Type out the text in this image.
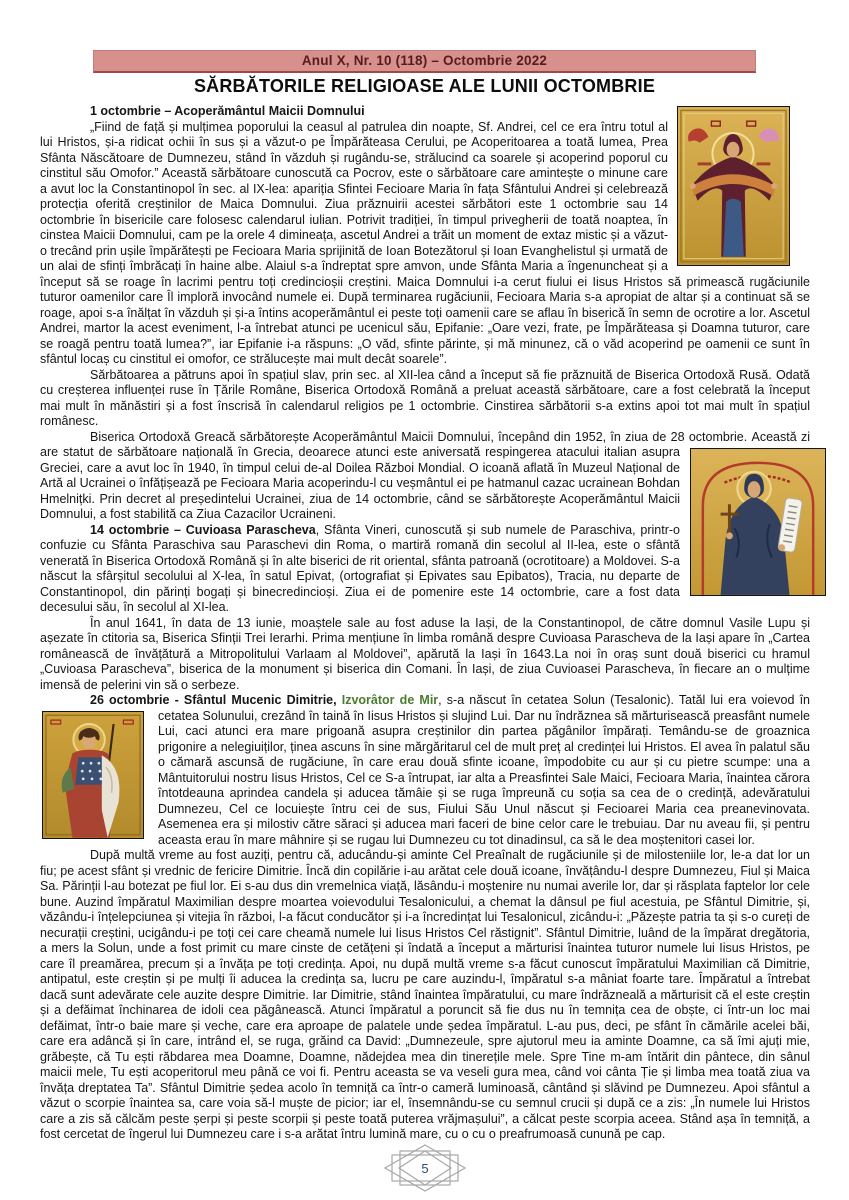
Anul X, Nr. 10 (118) – Octombrie 2022
SĂRBĂTORILE RELIGIOASE ALE LUNII OCTOMBRIE
1 octombrie – Acoperământul Maicii Domnului

„Fiind de față și mulțimea poporului la ceasul al patrulea din noapte, Sf. Andrei, cel ce era întru totul al lui Hristos, și-a ridicat ochii în sus și a văzut-o pe Împărăteasa Cerului, pe Acoperitoarea a toată lumea, Prea Sfânta Născătoare de Dumnezeu, stând în văzduh și rugându-se, strălucind ca soarele și acoperind poporul cu cinstitul său Omofor.” Această sărbătoare cunoscută ca Pocrov, este o sărbătoare care amintește o minune care a avut loc la Constantinopol în sec. al IX-lea: apariția Sfintei Fecioare Maria în fața Sfântului Andrei și celebrează protecția oferită creștinilor de Maica Domnului. Ziua prăznuirii acestei sărbători este 1 octombrie sau 14 octombrie în bisericile care folosesc calendarul iulian. Potrivit tradiției, în timpul privegherii de toată noaptea, în cinstea Maicii Domnului, cam pe la orele 4 dimineața, ascetul Andrei a trăit un moment de extaz mistic și a văzut-o trecând prin ușile împărătești pe Fecioara Maria sprijinită de Ioan Botezătorul și Ioan Evanghelistul și urmată de un alai de sfinți îmbrăcați în haine albe. Alaiul s-a îndreptat spre amvon, unde Sfânta Maria a îngenuncheat și a început să se roage în lacrimi pentru toți credincioșii creștini. Maica Domnului i-a cerut fiului ei Iisus Hristos să primească rugăciunile tuturor oamenilor care Îl imploră invocând numele ei. După terminarea rugăciunii, Fecioara Maria s-a apropiat de altar și a continuat să se roage, apoi s-a înălțat în văzduh și și-a întins acoperământul ei peste toți oamenii care se aflau în biserică în semn de ocrotire a lor. Ascetul Andrei, martor la acest eveniment, l-a întrebat atunci pe ucenicul său, Epifanie: „Oare vezi, frate, pe Împărăteasa și Doamna tuturor, care se roagă pentru toată lumea?”, iar Epifanie i-a răspuns: „O văd, sfinte părinte, și mă minunez, că o văd acoperind pe oamenii ce sunt în sfântul locaș cu cinstitul ei omofor, ce strălucește mai mult decât soarele”.

Sărbătoarea a pătruns apoi în spațiul slav, prin sec. al XII-lea când a început să fie prăznuită de Biserica Ortodoxă Rusă. Odată cu creșterea influenței ruse în Țările Române, Biserica Ortodoxă Română a preluat această sărbătoare, care a fost celebrată la început mai mult în mănăstiri și a fost înscrisă în calendarul religios pe 1 octombrie. Cinstirea sărbătorii s-a extins apoi tot mai mult în spațiul românesc.

Biserica Ortodoxă Greacă sărbătorește Acoperământul Maicii Domnului, începând din 1952, în ziua de 28 octombrie.
Această zi are statut de sărbătoare națională în Grecia, deoarece atunci este aniversată respingerea atacului italian asupra Greciei, care a avut loc în 1940, în timpul celui de-al Doilea Război Mondial. O icoană aflată în Muzeul Național de Artă al Ucrainei o înfățișează pe Fecioara Maria acoperindu-l cu veșmântul ei pe hatmanul cazac ucrainean Bohdan Hmelnițki. Prin decret al președintelui Ucrainei, ziua de 14 octombrie, când se sărbătorește Acoperământul Maicii Domnului, a fost stabilită ca Ziua Cazacilor Ucraineni.

14 octombrie – Cuvioasa Parascheva, Sfânta Vineri, cunoscută și sub numele de Paraschiva, printr-o confuzie cu Sfânta Paraschiva sau Paraschevi din Roma, o martiră romană din secolul al II-lea, este o sfântă venerată în Biserica Ortodoxă Română și în alte biserici de rit oriental, sfânta patroană (ocrotitoare) a Moldovei. S-a născut la sfârșitul secolului al X-lea, în satul Epivat, (ortografiat și Epivates sau Epibatos), Tracia, nu departe de Constantinopol, din părinți bogați și binecredincioși. Ziua ei de pomenire este 14 octombrie, care a fost data decesului său, în secolul al XI-lea.

În anul 1641, în data de 13 iunie, moaștele sale au fost aduse la Iași, de la Constantinopol, de către domnul Vasile Lupu și așezate în ctitoria sa, Biserica Sfinții Trei Ierarhi. Prima mențiune în limba română despre Cuvioasa Parascheva de la Iași apare în „Cartea românească de învățătură a Mitropolitului Varlaam al Moldovei”, apărută la Iași în 1643.La noi în oraș sunt două biserici cu hramul „Cuvioasa Parascheva”, biserica de la monument și biserica din Comani. În Iași, de ziua Cuvioasei Parascheva, în fiecare an o mulțime imensă de pelerini vin să o serbeze.

26 octombrie - Sfântul Mucenic Dimitrie, Izvorâtor de Mir, s-a născut în cetatea Solun (Tesalonic). Tatăl lui era voievod
în cetatea Solunului, crezând în taină în Iisus Hristos și slujind Lui. Dar nu îndrăznea să mărturisească preasfânt numele Lui, caci atunci era mare prigoană asupra creștinilor din partea păgânilor împărați. Temându-se de groaznica prigonire a nelegiuiților, ținea ascuns în sine mărgăritarul cel de mult preț al credinței lui Hristos. El avea în palatul său o cămară ascunsă de rugăciune, în care erau două sfinte icoane, împodobite cu aur și cu pietre scumpe: una a Mântuitorului nostru Iisus Hristos, Cel ce S-a întrupat, iar alta a Preasfintei Sale Maici, Fecioara Maria, înaintea cărora întotdeauna aprindea candela și aducea tămâie și se ruga împreună cu soția sa cea de o credință, adevăratului Dumnezeu, Cel ce locuiește întru cei de sus, Fiului Său Unul născut și Fecioarei Maria cea preanevinovata. Asemenea era și milostiv către săraci și aducea mari faceri de bine celor care le trebuiau. Dar nu aveau fii, și pentru aceasta erau în mare mâhnire și se rugau lui Dumnezeu cu tot dinadinsul, ca să le dea moștenitori casei lor.

După multă vreme au fost auziți, pentru că, aducându-și aminte Cel Preaînalt de rugăciunile și de milosteniile lor, le-a dat lor un fiu; pe acest sfânt și vrednic de fericire Dimitrie. Încă din copilărie i-au arătat cele două icoane, învățându-l despre Dumnezeu, Fiul și Maica Sa. Părinții l-au botezat pe fiul lor. Ei s-au dus din vremelnica viață, lăsându-i moștenire nu numai averile lor, dar și răsplata faptelor lor cele bune. Auzind împăratul Maximilian despre moartea voievodului Tesalonicului, a chemat la dânsul pe fiul acestuia, pe Sfântul Dimitrie, și, văzându-i înțelepciunea și vitejia în război, l-a făcut conducător și i-a încredințat lui Tesalonicul, zicându-i: „Păzește patria ta și s-o cureți de necurații creștini, ucigându-i pe toți cei care cheamă numele lui Iisus Hristos Cel răstignit”. Sfântul Dimitrie, luând de la împărat dregătoria, a mers la Solun, unde a fost primit cu mare cinste de cetățeni și îndată a început a mărturisi înaintea tuturor numele lui Iisus Hristos, pe care îl preamărea, precum și a învăța pe toți credința. Apoi, nu după multă vreme s-a făcut cunoscut împăratului Maximilian că Dimitrie, antipatul, este creștin și pe mulți îi aducea la credința sa, lucru pe care auzindu-l, împăratul s-a mâniat foarte tare. Împăratul a întrebat dacă sunt adevărate cele auzite despre Dimitrie. Iar Dimitrie, stând înaintea împăratului, cu mare îndrăzneală a mărturisit că el este creștin și a defăimat închinarea de idoli cea păgânească. Atunci împăratul a poruncit să fie dus nu în temnița cea de obște, ci într-un loc mai defăimat, într-o baie mare și veche, care era aproape de palatele unde ședea împăratul. L-au pus, deci, pe sfânt în cămările acelei băi, care era adâncă și în care, intrând el, se ruga, grăind ca David: „Dumnezeule, spre ajutorul meu ia aminte Doamne, ca să îmi ajuți mie, grăbește, că Tu ești răbdarea mea Doamne, Doamne, nădejdea mea din tinerețile mele. Spre Tine m-am întărit din pântece, din sânul maicii mele, Tu ești acoperitorul meu până ce voi fi. Pentru aceasta se va veseli gura mea, când voi cânta Ție și limba mea toată ziua va învăța dreptatea Ta”. Sfântul Dimitrie ședea acolo în temniță ca într-o cameră luminoasă, cântând și slăvind pe Dumnezeu. Apoi sfântul a văzut o scorpie înaintea sa, care voia să-l muște de picior; iar el, însemnându-se cu semnul crucii și după ce a zis: „În numele lui Hristos care a zis să călcăm peste șerpi și peste scorpii și peste toată puterea vrăjmașului”, a călcat peste scorpia aceea. Stând așa în temniță, a fost cercetat de îngerul lui Dumnezeu care i s-a arătat întru lumină mare, cu o cu o preafrumoasă cunună pe cap.

5
